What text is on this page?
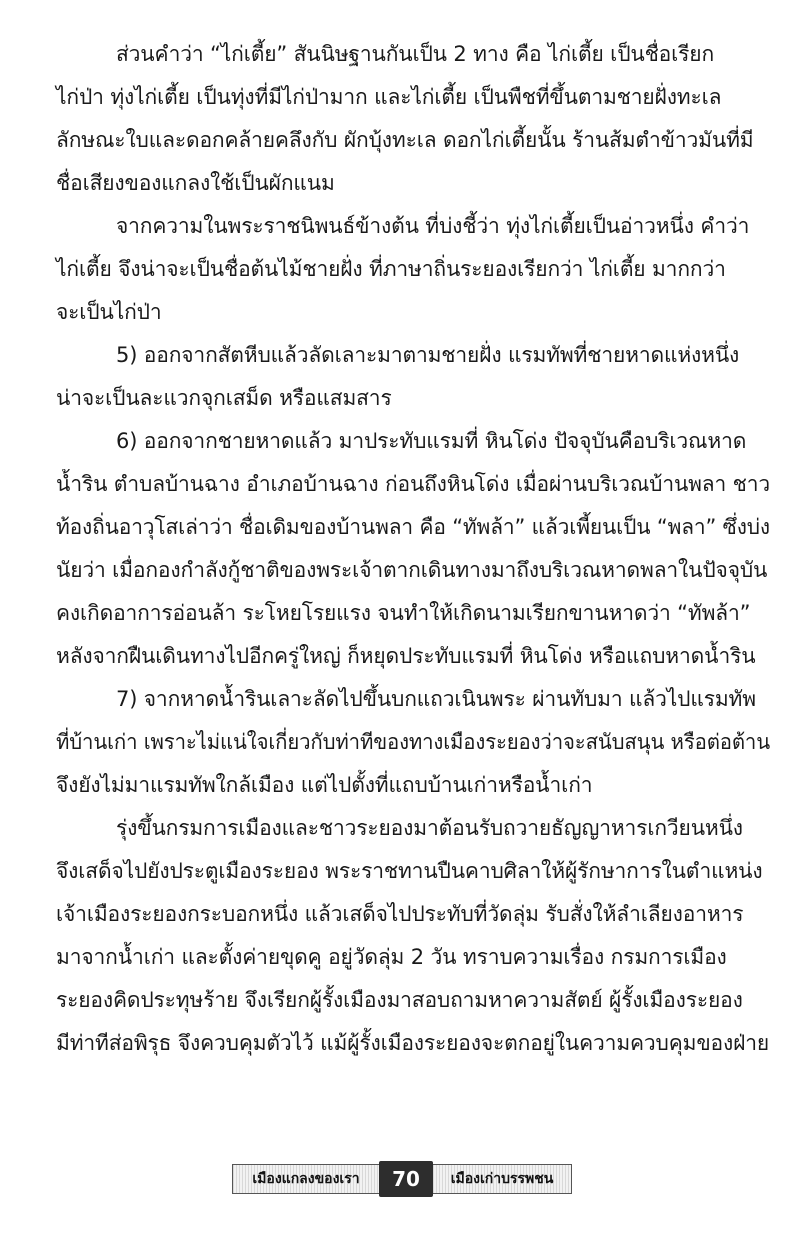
ส่วนคำว่า “ไก่เตี้ย” สันนิษฐานกันเป็น 2 ทาง คือ ไก่เตี้ย เป็นชื่อเรียก
ไก่ป่า ทุ่งไก่เตี้ย เป็นทุ่งที่มีไก่ป่ามาก และไก่เตี้ย เป็นพืชที่ขึ้นตามชายฝั่งทะเล
ลักษณะใบและดอกคล้ายคลึงกับ ผักบุ้งทะเล ดอกไก่เตี้ยนั้น ร้านส้มตำข้าวมันที่มี
ชื่อเสียงของแกลงใช้เป็นผักแนม
จากความในพระราชนิพนธ์ข้างต้น ที่บ่งชี้ว่า ทุ่งไก่เตี้ยเป็นอ่าวหนึ่ง คำว่า
ไก่เตี้ย จึงน่าจะเป็นชื่อต้นไม้ชายฝั่ง ที่ภาษาถิ่นระยองเรียกว่า ไก่เตี้ย มากกว่า
จะเป็นไก่ป่า
5) ออกจากสัตหีบแล้วลัดเลาะมาตามชายฝั่ง แรมทัพที่ชายหาดแห่งหนึ่ง
น่าจะเป็นละแวกจุกเสม็ด หรือแสมสาร
6) ออกจากชายหาดแล้ว มาประทับแรมที่ หินโด่ง ปัจจุบันคือบริเวณหาด
น้ำริน ตำบลบ้านฉาง อำเภอบ้านฉาง ก่อนถึงหินโด่ง เมื่อผ่านบริเวณบ้านพลา ชาว
ท้องถิ่นอาวุโสเล่าว่า ชื่อเดิมของบ้านพลา คือ “ทัพล้า” แล้วเพี้ยนเป็น “พลา” ซึ่งบ่ง
นัยว่า เมื่อกองกำลังกู้ชาติของพระเจ้าตากเดินทางมาถึงบริเวณหาดพลาในปัจจุบัน
คงเกิดอาการอ่อนล้า ระโหยโรยแรง จนทำให้เกิดนามเรียกขานหาดว่า “ทัพล้า”
หลังจากฝืนเดินทางไปอีกครู่ใหญ่ ก็หยุดประทับแรมที่ หินโด่ง หรือแถบหาดน้ำริน
7) จากหาดน้ำรินเลาะลัดไปขึ้นบกแถวเนินพระ ผ่านทับมา แล้วไปแรมทัพ
ที่บ้านเก่า เพราะไม่แน่ใจเกี่ยวกับท่าทีของทางเมืองระยองว่าจะสนับสนุน หรือต่อต้าน
จึงยังไม่มาแรมทัพใกล้เมือง แต่ไปตั้งที่แถบบ้านเก่าหรือน้ำเก่า
รุ่งขึ้นกรมการเมืองและชาวระยองมาต้อนรับถวายธัญญาหารเกวียนหนึ่ง
จึงเสด็จไปยังประตูเมืองระยอง พระราชทานปืนคาบศิลาให้ผู้รักษาการในตำแหน่ง
เจ้าเมืองระยองกระบอกหนึ่ง แล้วเสด็จไปประทับที่วัดลุ่ม รับสั่งให้ลำเลียงอาหาร
มาจากน้ำเก่า และตั้งค่ายขุดคู อยู่วัดลุ่ม 2 วัน ทราบความเรื่อง กรมการเมือง
ระยองคิดประทุษร้าย จึงเรียกผู้รั้งเมืองมาสอบถามหาความสัตย์ ผู้รั้งเมืองระยอง
มีท่าทีส่อพิรุธ จึงควบคุมตัวไว้ แม้ผู้รั้งเมืองระยองจะตกอยู่ในความควบคุมของฝ่าย
เมืองแกลงของเรา	70	เมืองเก่าบรรพชน
